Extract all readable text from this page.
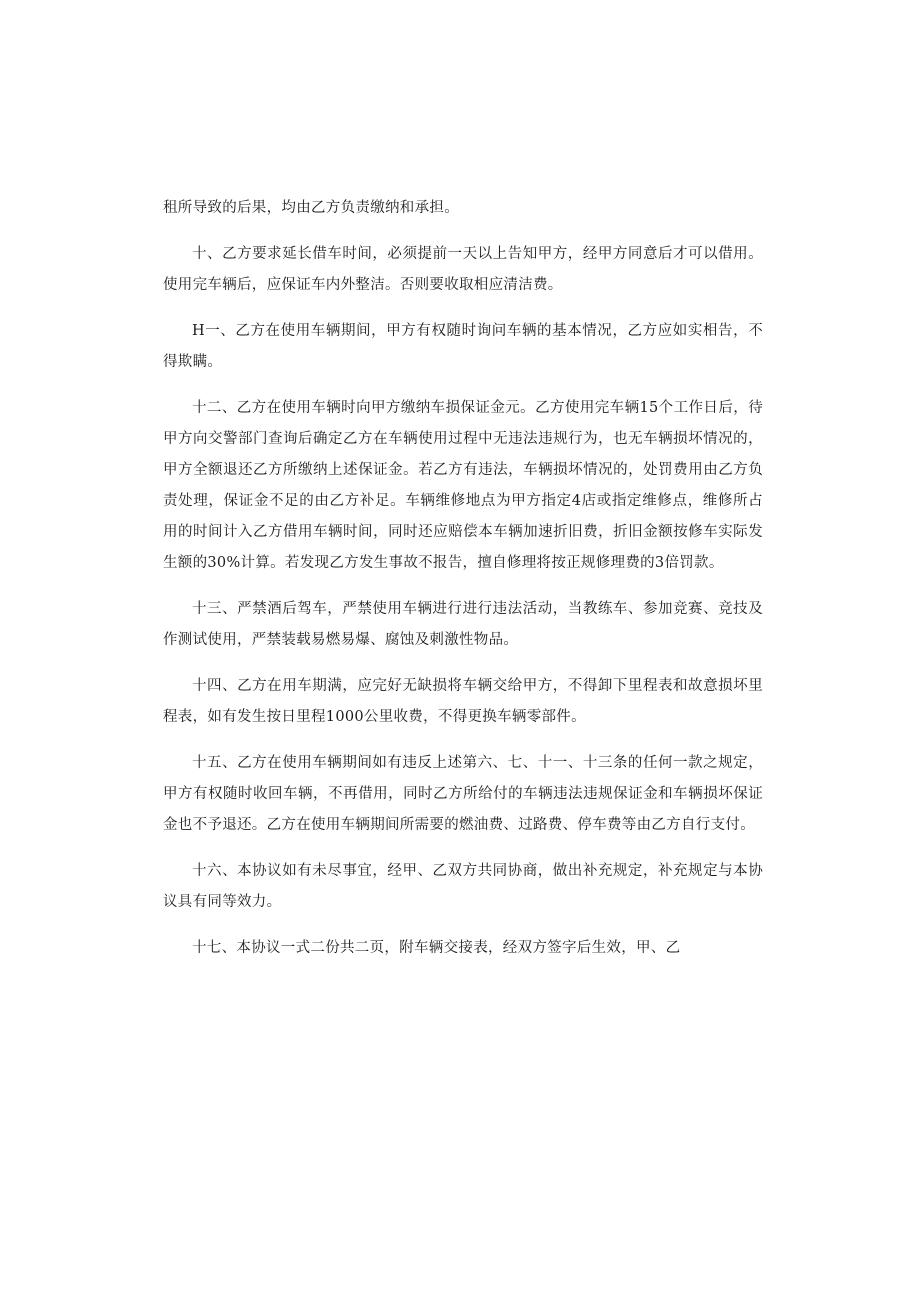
租所导致的后果，均由乙方负责缴纳和承担。

十、乙方要求延长借车时间，必须提前一天以上告知甲方，经甲方同意后才可以借用。使用完车辆后，应保证车内外整洁。否则要收取相应清洁费。

H一、乙方在使用车辆期间，甲方有权随时询问车辆的基本情况，乙方应如实相告，不得欺瞒。

十二、乙方在使用车辆时向甲方缴纳车损保证金元。乙方使用完车辆15个工作日后，待甲方向交警部门查询后确定乙方在车辆使用过程中无违法违规行为，也无车辆损坏情况的，甲方全额退还乙方所缴纳上述保证金。若乙方有违法，车辆损坏情况的，处罚费用由乙方负责处理，保证金不足的由乙方补足。车辆维修地点为甲方指定4店或指定维修点，维修所占用的时间计入乙方借用车辆时间，同时还应赔偿本车辆加速折旧费，折旧金额按修车实际发生额的30%计算。若发现乙方发生事故不报告，擅自修理将按正规修理费的3倍罚款。

十三、严禁酒后驾车，严禁使用车辆进行进行违法活动，当教练车、参加竞赛、竞技及作测试使用，严禁装载易燃易爆、腐蚀及刺激性物品。

十四、乙方在用车期满，应完好无缺损将车辆交给甲方，不得卸下里程表和故意损坏里程表，如有发生按日里程1000公里收费，不得更换车辆零部件。

十五、乙方在使用车辆期间如有违反上述第六、七、十一、十三条的任何一款之规定，甲方有权随时收回车辆，不再借用，同时乙方所给付的车辆违法违规保证金和车辆损坏保证金也不予退还。乙方在使用车辆期间所需要的燃油费、过路费、停车费等由乙方自行支付。

十六、本协议如有未尽事宜，经甲、乙双方共同协商，做出补充规定，补充规定与本协议具有同等效力。

十七、本协议一式二份共二页，附车辆交接表，经双方签字后生效，甲、乙
